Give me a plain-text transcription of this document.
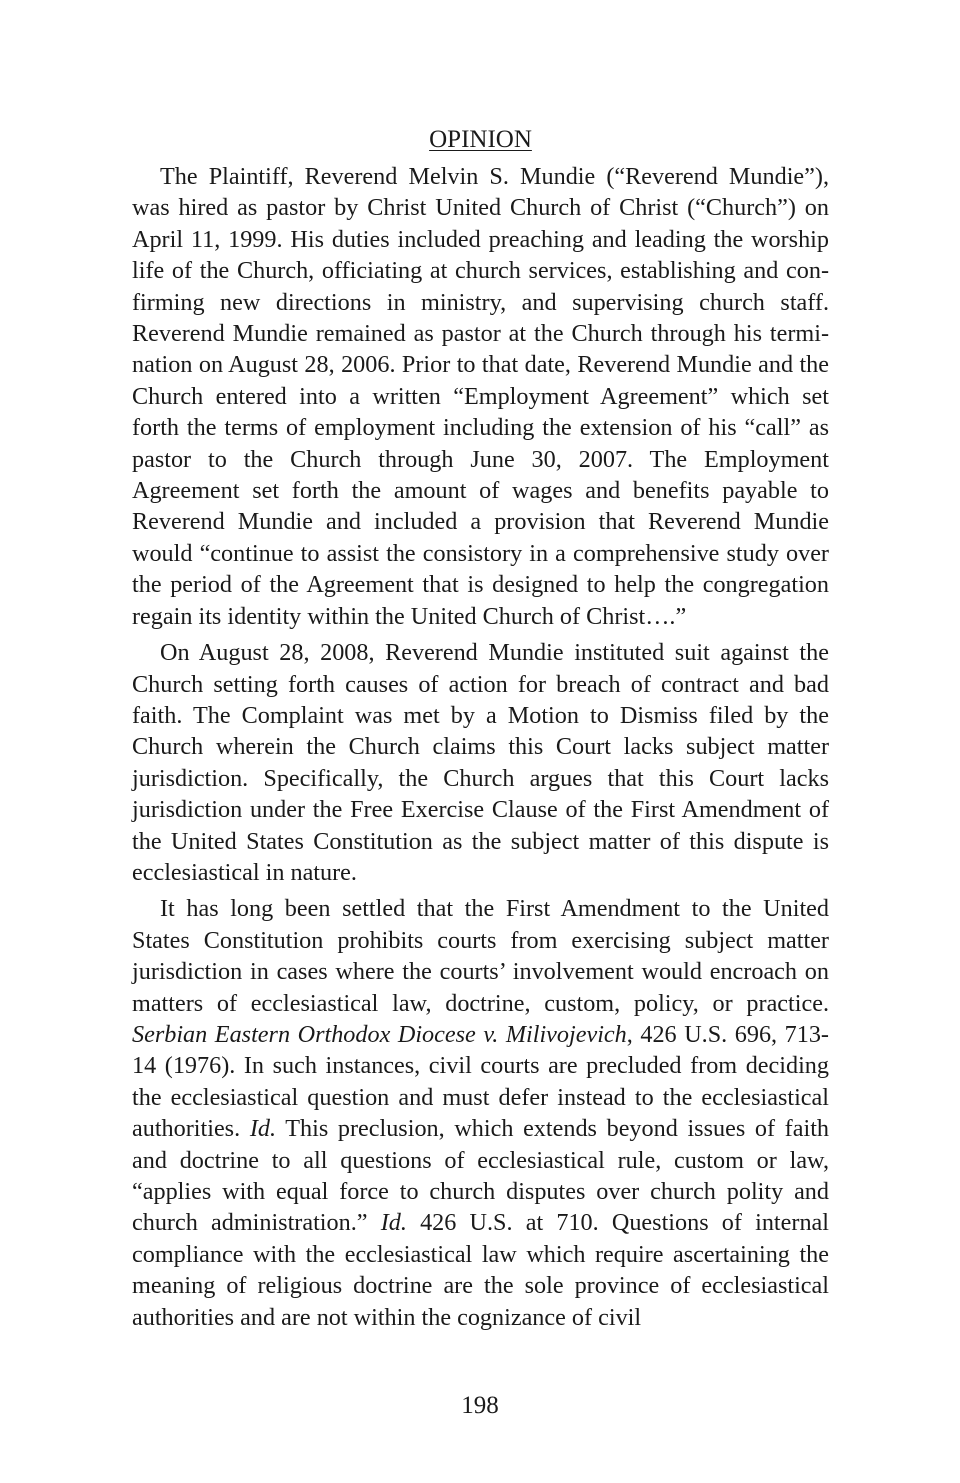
OPINION

The Plaintiff, Reverend Melvin S. Mundie (“Reverend Mundie”), was hired as pastor by Christ United Church of Christ (“Church”) on April 11, 1999. His duties included preaching and leading the worship life of the Church, officiating at church services, establishing and confirming new directions in ministry, and supervising church staff. Reverend Mundie remained as pastor at the Church through his termination on August 28, 2006. Prior to that date, Reverend Mundie and the Church entered into a written “Employment Agreement” which set forth the terms of employment including the extension of his “call” as pastor to the Church through June 30, 2007. The Employment Agreement set forth the amount of wages and benefits payable to Reverend Mundie and included a provision that Reverend Mundie would “continue to assist the consistory in a comprehensive study over the period of the Agreement that is designed to help the congregation regain its identity within the United Church of Christ….”

On August 28, 2008, Reverend Mundie instituted suit against the Church setting forth causes of action for breach of contract and bad faith. The Complaint was met by a Motion to Dismiss filed by the Church wherein the Church claims this Court lacks subject matter jurisdiction. Specifically, the Church argues that this Court lacks jurisdiction under the Free Exercise Clause of the First Amendment of the United States Constitution as the subject matter of this dispute is ecclesiastical in nature.

It has long been settled that the First Amendment to the United States Constitution prohibits courts from exercising subject matter jurisdiction in cases where the courts’ involvement would encroach on matters of ecclesiastical law, doctrine, custom, policy, or practice. Serbian Eastern Orthodox Diocese v. Milivojevich, 426 U.S. 696, 713-14 (1976). In such instances, civil courts are precluded from deciding the ecclesiastical question and must defer instead to the ecclesiastical authorities. Id. This preclusion, which extends beyond issues of faith and doctrine to all questions of ecclesiastical rule, custom or law, “applies with equal force to church disputes over church polity and church administration.” Id. 426 U.S. at 710. Questions of internal compliance with the ecclesiastical law which require ascertaining the meaning of religious doctrine are the sole province of ecclesiastical authorities and are not within the cognizance of civil

198
